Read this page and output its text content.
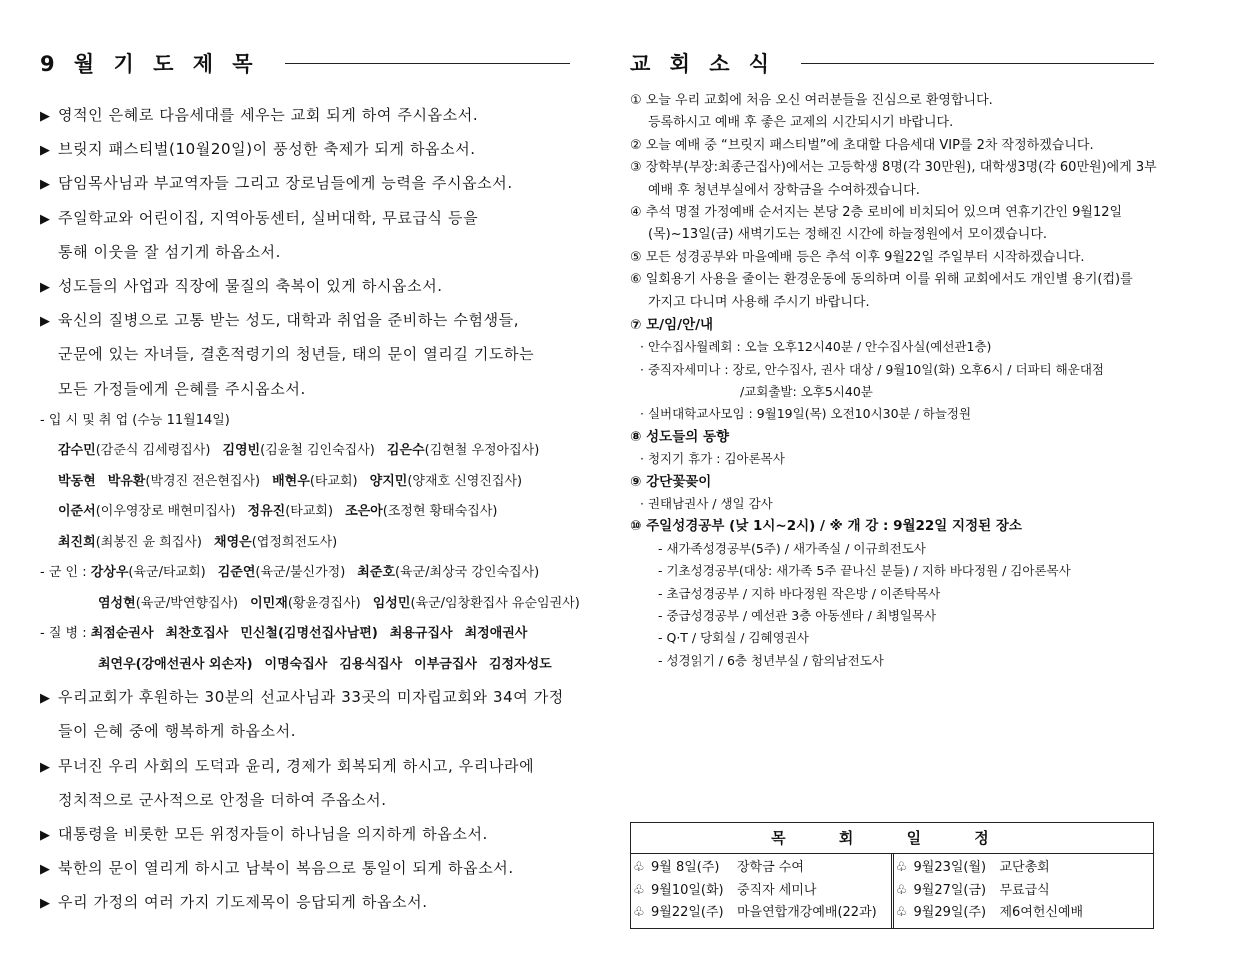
9 월 기 도 제 목
▶ 영적인 은혜로 다음세대를 세우는 교회 되게 하여 주시옵소서.
▶ 브릿지 패스티벌(10월20일)이 풍성한 축제가 되게 하옵소서.
▶ 담임목사님과 부교역자들 그리고 장로님들에게 능력을 주시옵소서.
▶ 주일학교와 어린이집, 지역아동센터, 실버대학, 무료급식 등을
통해 이웃을 잘 섬기게 하옵소서.
▶ 성도들의 사업과 직장에 물질의 축복이 있게 하시옵소서.
▶ 육신의 질병으로 고통 받는 성도, 대학과 취업을 준비하는 수험생들,
군문에 있는 자녀들, 결혼적령기의 청년들, 태의 문이 열리길 기도하는
모든 가정들에게 은혜를 주시옵소서.
- 입 시 및 취 업 (수능 11월14일)
감수민(감준식 김세령집사) 김영빈(김윤철 김인숙집사) 김은수(김현철 우정아집사)
박동현 박유환(박경진 전은현집사) 배현우(타교회) 양지민(양재호 신영진집사)
이준서(이우영장로 배현미집사) 정유진(타교회) 조은아(조정현 황태숙집사)
최진희(최봉진 윤 희집사) 채영은(엽정희전도사)
- 군 인 : 강상우(육군/타교회) 김준연(육군/불신가정) 최준호(육군/최상국 강인숙집사)
염성현(육군/박연향집사) 이민재(황윤경집사) 임성민(육군/임창환집사 유순임권사)
- 질 병 : 최점순권사 최찬호집사 민신철(김명선집사남편) 최용규집사 최정애권사
최연우(강애선권사 외손자) 이명숙집사 김용식집사 이부금집사 김정자성도
▶ 우리교회가 후원하는 30분의 선교사님과 33곳의 미자립교회와 34여 가정
들이 은혜 중에 행복하게 하옵소서.
▶ 무너진 우리 사회의 도덕과 윤리, 경제가 회복되게 하시고, 우리나라에
정치적으로 군사적으로 안정을 더하여 주옵소서.
▶ 대통령을 비롯한 모든 위정자들이 하나님을 의지하게 하옵소서.
▶ 북한의 문이 열리게 하시고 남북이 복음으로 통일이 되게 하옵소서.
▶ 우리 가정의 여러 가지 기도제목이 응답되게 하옵소서.
교 회 소 식
① 오늘 우리 교회에 처음 오신 여러분들을 진심으로 환영합니다.
등록하시고 예배 후 좋은 교제의 시간되시기 바랍니다.
② 오늘 예배 중 “브릿지 패스티벌”에 초대할 다음세대 VIP를 2차 작정하겠습니다.
③ 장학부(부장:최종근집사)에서는 고등학생 8명(각 30만원), 대학생3명(각 60만원)에게 3부
예배 후 청년부실에서 장학금을 수여하겠습니다.
④ 추석 명절 가정예배 순서지는 본당 2층 로비에 비치되어 있으며 연휴기간인 9월12일
(목)~13일(금) 새벽기도는 정해진 시간에 하늘정원에서 모이겠습니다.
⑤ 모든 성경공부와 마을예배 등은 추석 이후 9월22일 주일부터 시작하겠습니다.
⑥ 일회용기 사용을 줄이는 환경운동에 동의하며 이를 위해 교회에서도 개인별 용기(컵)를
가지고 다니며 사용해 주시기 바랍니다.
⑦ 모/임/안/내
· 안수집사월례회 : 오늘 오후12시40분 / 안수집사실(예선관1층)
· 중직자세미나 : 장로, 안수집사, 권사 대상 / 9월10일(화) 오후6시 / 더파티 해운대점
/교회출발: 오후5시40분
· 실버대학교사모임 : 9월19일(목) 오전10시30분 / 하늘정원
⑧ 성도들의 동향
· 청지기 휴가 : 김아론목사
⑨ 강단꽃꽂이
· 권태남권사 / 생일 감사
⑩ 주일성경공부 (낮 1시~2시) / ※ 개 강 : 9월22일 지정된 장소
- 새가족성경공부(5주) / 새가족실 / 이규희전도사
- 기초성경공부(대상: 새가족 5주 끝나신 분들) / 지하 바다정원 / 김아론목사
- 초급성경공부 / 지하 바다정원 작은방 / 이존탁목사
- 중급성경공부 / 예선관 3층 아동센타 / 최병일목사
- Q·T / 당회실 / 김혜영권사
- 성경읽기 / 6층 청년부실 / 함의남전도사
목 회 일 정
♧ 9월 8일(주) 장학금 수여
♧ 9월10일(화) 중직자 세미나
♧ 9월22일(주) 마을연합개강예배(22과)
♧ 9월23일(월) 교단총회
♧ 9월27일(금) 무료급식
♧ 9월29일(주) 제6여헌신예배
